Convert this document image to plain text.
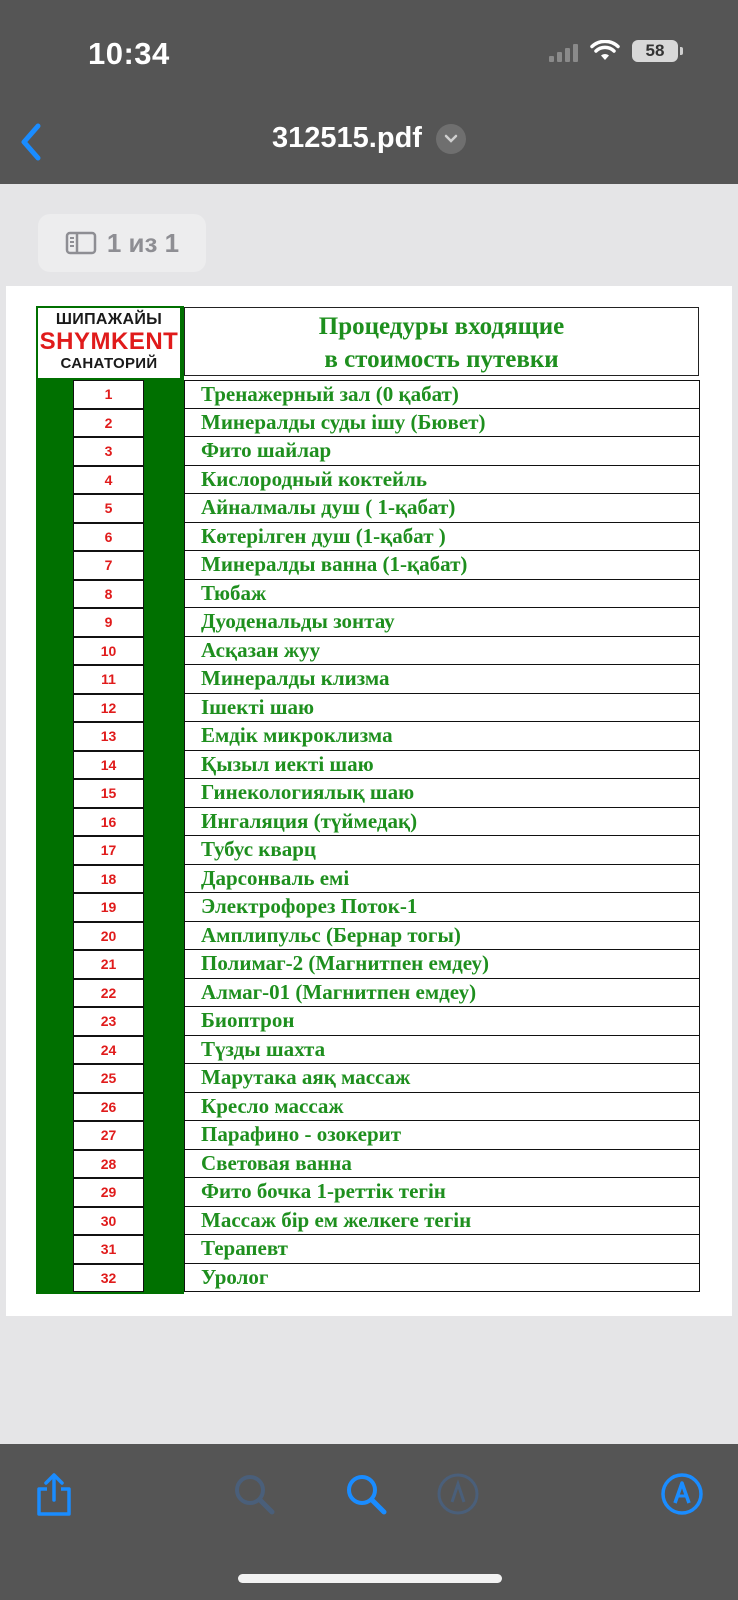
10:34	58
312515.pdf
1 из 1
ШИПАЖАЙЫ
SHYMKENT
САНАТОРИЙ
Процедуры входящие
в стоимость путевки
1	Тренажерный зал (0 қабат)
2	Минералды суды ішу (Бювет)
3	Фито шайлар
4	Кислородный коктейль
5	Айналмалы душ ( 1-қабат)
6	Көтерілген душ (1-қабат )
7	Минералды ванна (1-қабат)
8	Тюбаж
9	Дуоденальды зонтау
10	Асқазан жуу
11	Минералды клизма
12	Ішекті шаю
13	Емдік микроклизма
14	Қызыл иекті шаю
15	Гинекологиялық шаю
16	Ингаляция (түймедақ)
17	Тубус кварц
18	Дарсонваль емі
19	Электрофорез Поток-1
20	Амплипульс (Бернар тогы)
21	Полимаг-2 (Магнитпен емдеу)
22	Алмаг-01 (Магнитпен емдеу)
23	Биоптрон
24	Түзды шахта
25	Марутака аяқ массаж
26	Кресло массаж
27	Парафино - озокерит
28	Световая ванна
29	Фито бочка 1-реттік тегін
30	Массаж бір ем желкеге тегін
31	Терапевт
32	Уролог
